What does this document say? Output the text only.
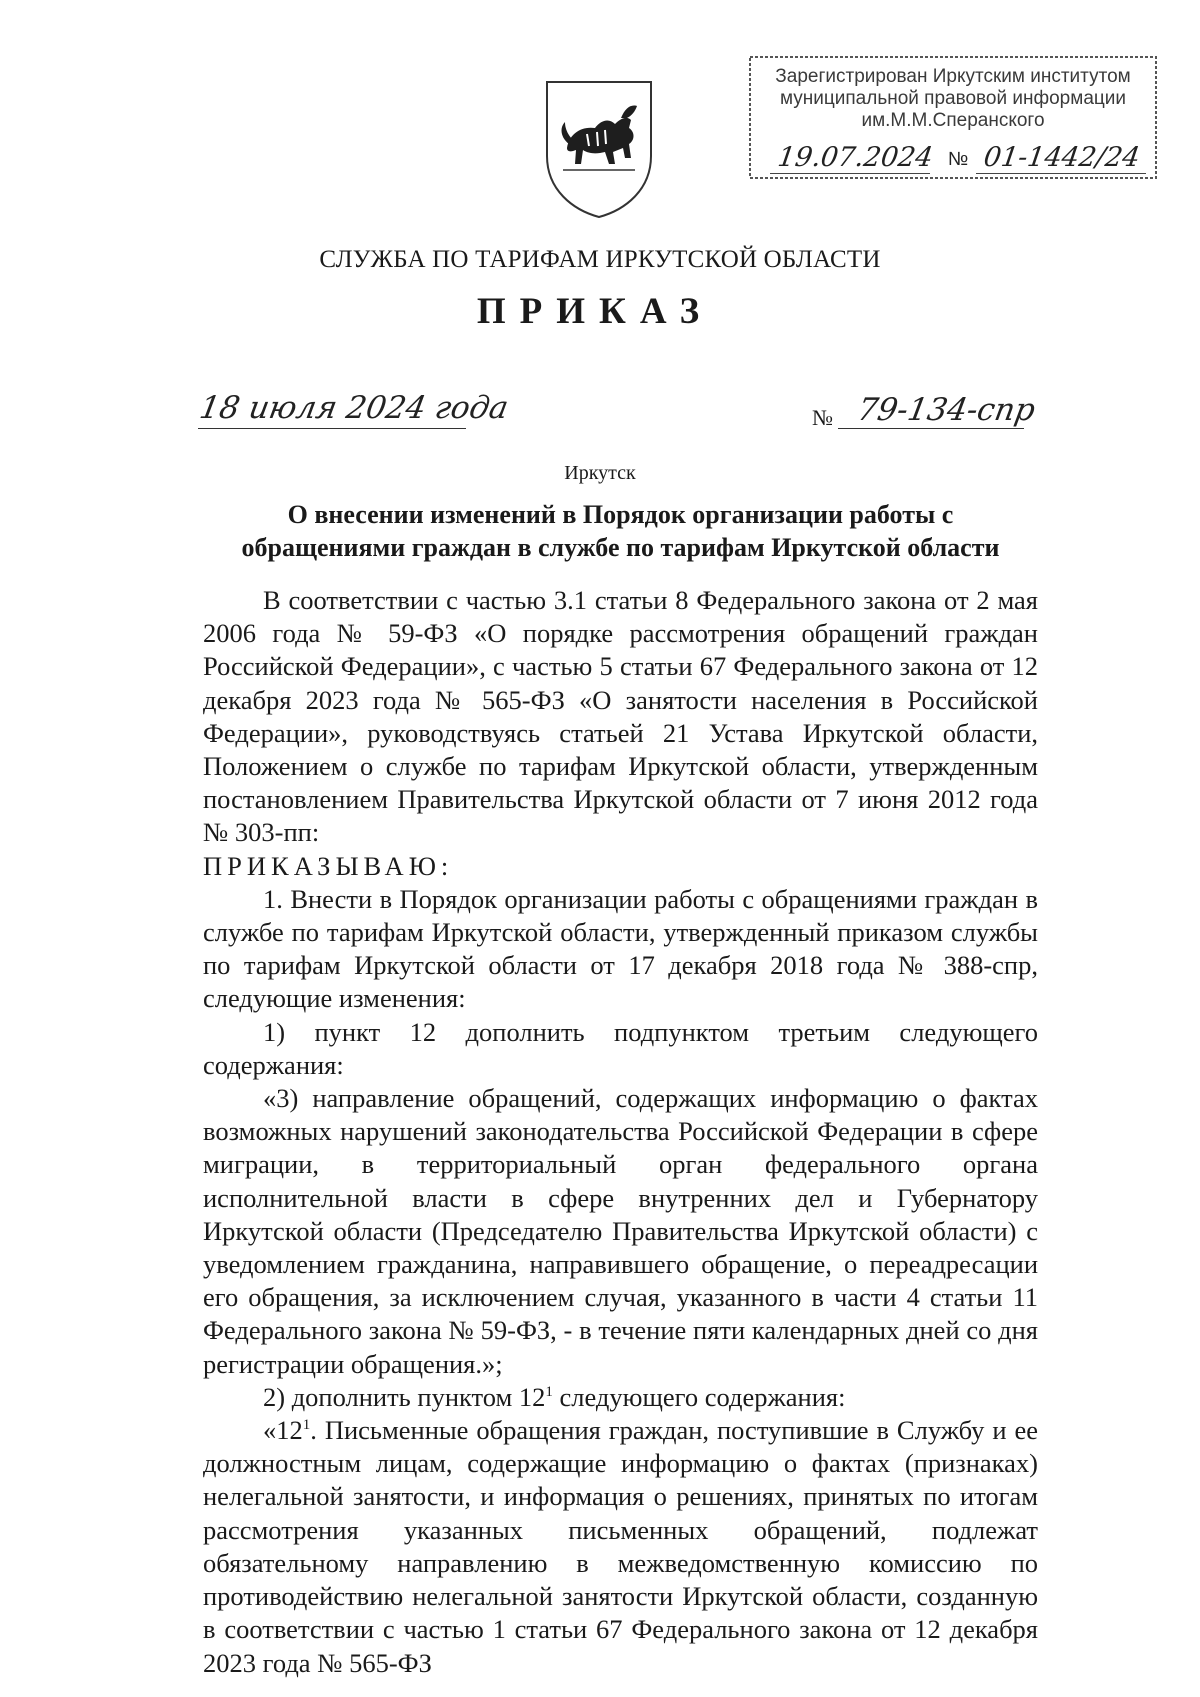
Зарегистрирован Иркутским институтом
муниципальной правовой информации
им.М.М.Сперанского
19.07.2024 № 01-1442/24
СЛУЖБА ПО ТАРИФАМ ИРКУТСКОЙ ОБЛАСТИ
ПРИКАЗ
18 июля 2024 года	№ 79-134-спр
Иркутск
О внесении изменений в Порядок организации работы с обращениями граждан в службе по тарифам Иркутской области

В соответствии с частью 3.1 статьи 8 Федерального закона от 2 мая 2006 года № 59-ФЗ «О порядке рассмотрения обращений граждан Российской Федерации», с частью 5 статьи 67 Федерального закона от 12 декабря 2023 года № 565-ФЗ «О занятости населения в Российской Федерации», руководствуясь статьей 21 Устава Иркутской области, Положением о службе по тарифам Иркутской области, утвержденным постановлением Правительства Иркутской области от 7 июня 2012 года № 303-пп:

ПРИКАЗЫВАЮ:

1. Внести в Порядок организации работы с обращениями граждан в службе по тарифам Иркутской области, утвержденный приказом службы по тарифам Иркутской области от 17 декабря 2018 года № 388-спр, следующие изменения:

1) пункт 12 дополнить подпунктом третьим следующего содержания:

«3) направление обращений, содержащих информацию о фактах возможных нарушений законодательства Российской Федерации в сфере миграции, в территориальный орган федерального органа исполнительной власти в сфере внутренних дел и Губернатору Иркутской области (Председателю Правительства Иркутской области) с уведомлением гражданина, направившего обращение, о переадресации его обращения, за исключением случая, указанного в части 4 статьи 11 Федерального закона № 59-ФЗ, - в течение пяти календарных дней со дня регистрации обращения.»;

2) дополнить пунктом $12^1$ следующего содержания:

«$12^1$. Письменные обращения граждан, поступившие в Службу и ее должностным лицам, содержащие информацию о фактах (признаках) нелегальной занятости, и информация о решениях, принятых по итогам рассмотрения указанных письменных обращений, подлежат обязательному направлению в межведомственную комиссию по противодействию нелегальной занятости Иркутской области, созданную в соответствии с частью 1 статьи 67 Федерального закона от 12 декабря 2023 года № 565-ФЗ
